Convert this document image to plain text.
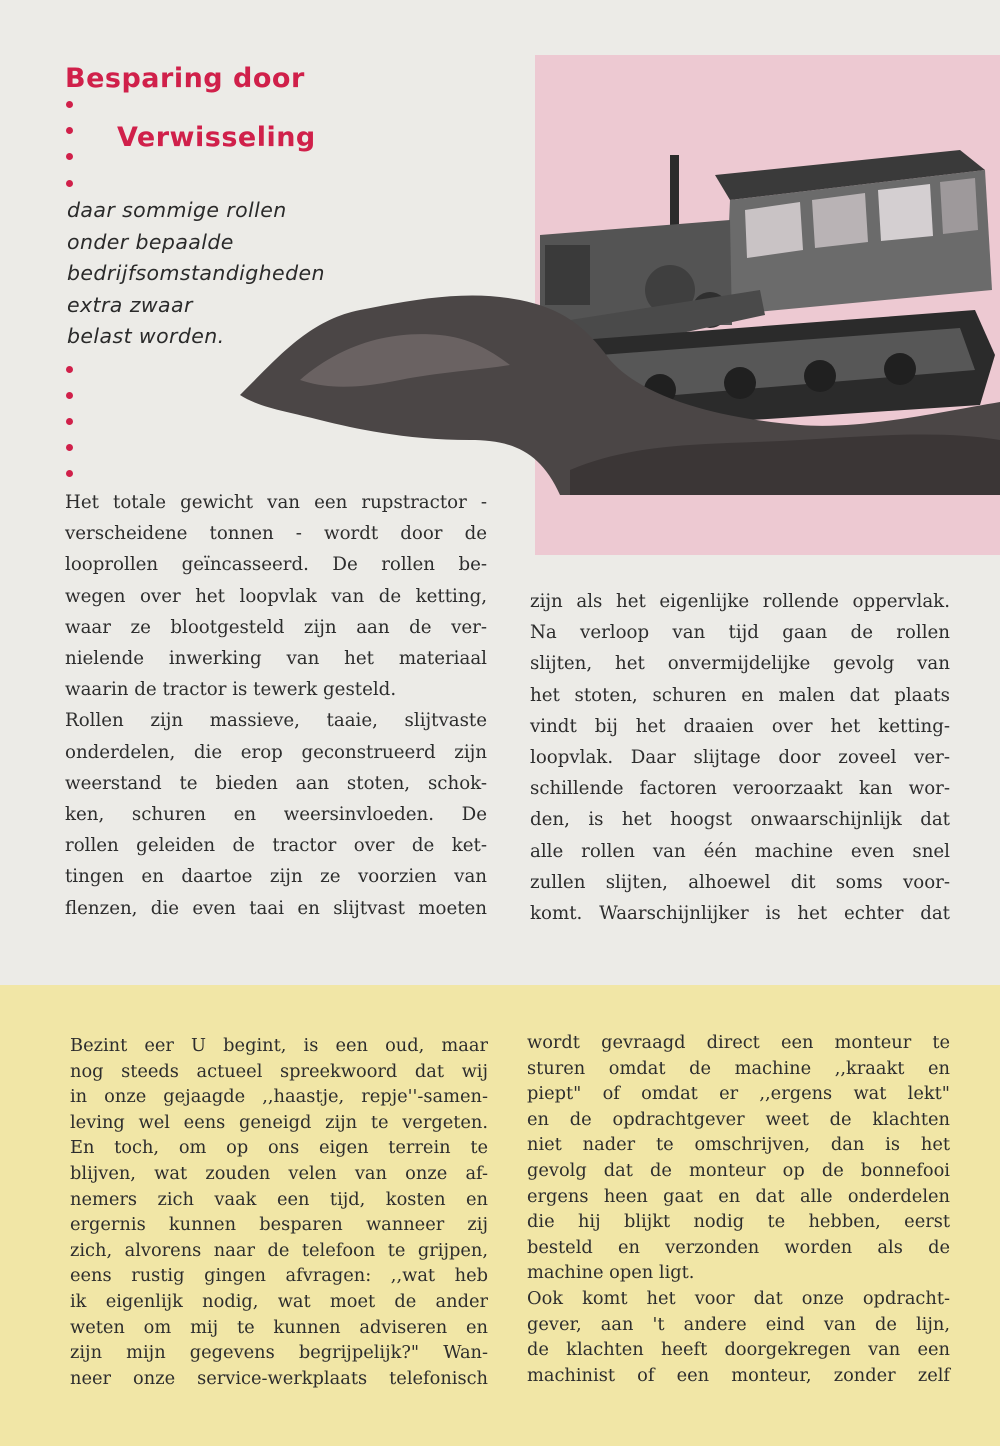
Besparing door
Verwisseling

daar sommige rollen
onder bepaalde
bedrijfsomstandigheden
extra zwaar
belast worden.

Het totale gewicht van een rupstractor -
verscheidene tonnen - wordt door de
looprollen geïncasseerd. De rollen be-
wegen over het loopvlak van de ketting,
waar ze blootgesteld zijn aan de ver-
nielende inwerking van het materiaal
waarin de tractor is tewerk gesteld.
Rollen zijn massieve, taaie, slijtvaste
onderdelen, die erop geconstrueerd zijn
weerstand te bieden aan stoten, schok-
ken, schuren en weersinvloeden. De
rollen geleiden de tractor over de ket-
tingen en daartoe zijn ze voorzien van
flenzen, die even taai en slijtvast moeten
zijn als het eigenlijke rollende oppervlak.
Na verloop van tijd gaan de rollen
slijten, het onvermijdelijke gevolg van
het stoten, schuren en malen dat plaats
vindt bij het draaien over het ketting-
loopvlak. Daar slijtage door zoveel ver-
schillende factoren veroorzaakt kan wor-
den, is het hoogst onwaarschijnlijk dat
alle rollen van één machine even snel
zullen slijten, alhoewel dit soms voor-
komt. Waarschijnlijker is het echter dat
Bezint eer U begint, is een oud, maar
nog steeds actueel spreekwoord dat wij
in onze gejaagde ,,haastje, repje''-samen-
leving wel eens geneigd zijn te vergeten.
En toch, om op ons eigen terrein te
blijven, wat zouden velen van onze af-
nemers zich vaak een tijd, kosten en
ergernis kunnen besparen wanneer zij
zich, alvorens naar de telefoon te grijpen,
eens rustig gingen afvragen: ,,wat heb
ik eigenlijk nodig, wat moet de ander
weten om mij te kunnen adviseren en
zijn mijn gegevens begrijpelijk?" Wan-
neer onze service-werkplaats telefonisch
wordt gevraagd direct een monteur te
sturen omdat de machine ,,kraakt en
piept" of omdat er ,,ergens wat lekt"
en de opdrachtgever weet de klachten
niet nader te omschrijven, dan is het
gevolg dat de monteur op de bonnefooi
ergens heen gaat en dat alle onderdelen
die hij blijkt nodig te hebben, eerst
besteld en verzonden worden als de
machine open ligt.
Ook komt het voor dat onze opdracht-
gever, aan 't andere eind van de lijn,
de klachten heeft doorgekregen van een
machinist of een monteur, zonder zelf
